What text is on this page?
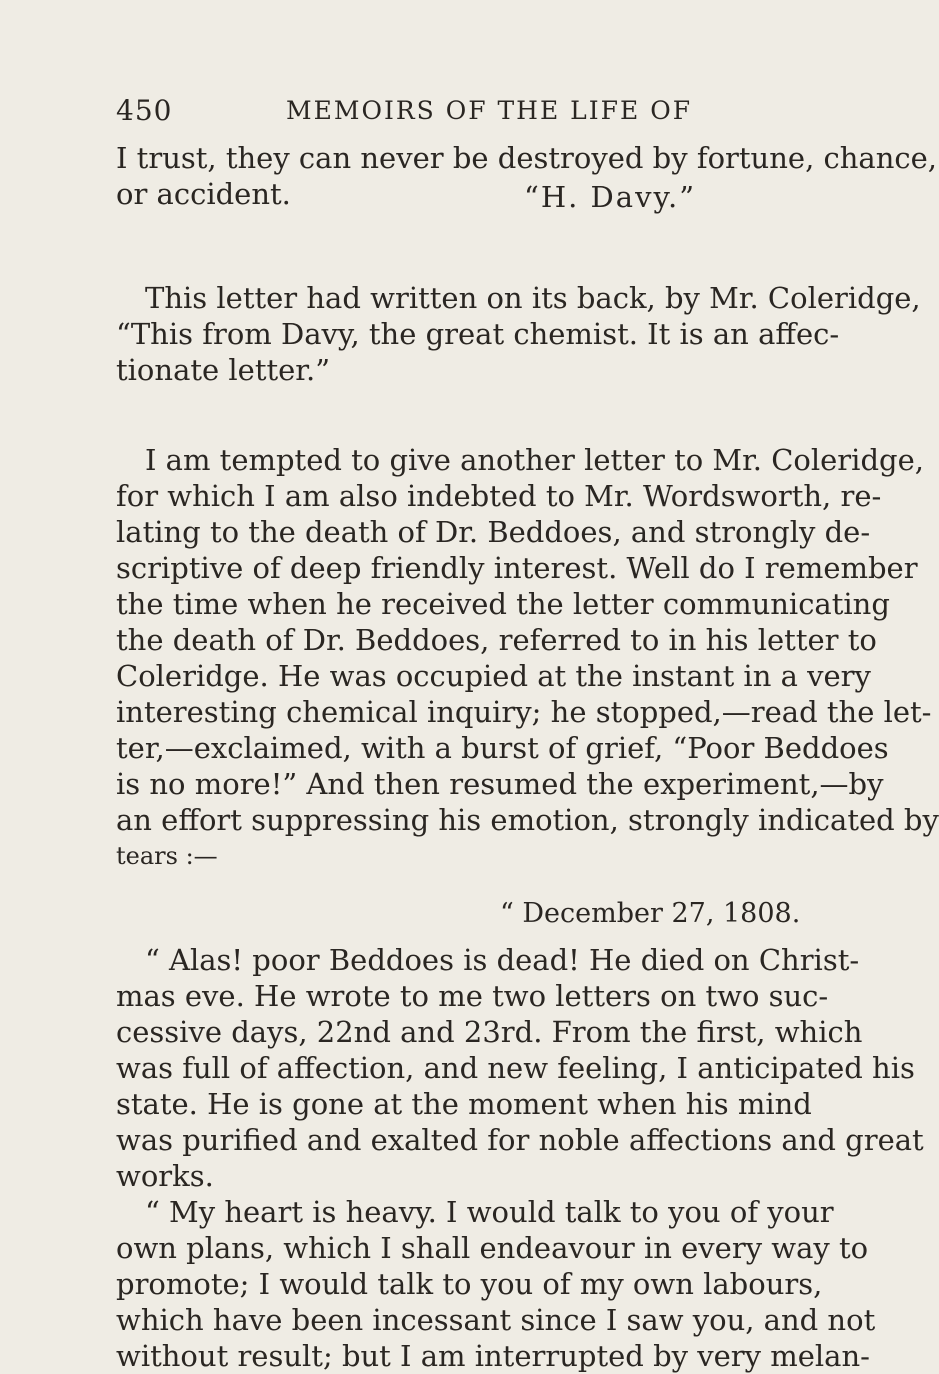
450	MEMOIRS OF THE LIFE OF
I trust, they can never be destroyed by fortune, chance,
or accident.	“H. Davy.”
This letter had written on its back, by Mr. Coleridge,
“This from Davy, the great chemist. It is an affec-
tionate letter.”
I am tempted to give another letter to Mr. Coleridge,
for which I am also indebted to Mr. Wordsworth, re-
lating to the death of Dr. Beddoes, and strongly de-
scriptive of deep friendly interest. Well do I remember
the time when he received the letter communicating
the death of Dr. Beddoes, referred to in his letter to
Coleridge. He was occupied at the instant in a very
interesting chemical inquiry; he stopped,—read the let-
ter,—exclaimed, with a burst of grief, “Poor Beddoes
is no more!” And then resumed the experiment,—by
an effort suppressing his emotion, strongly indicated by
tears :—
“ December 27, 1808.
“ Alas! poor Beddoes is dead! He died on Christ-
mas eve. He wrote to me two letters on two suc-
cessive days, 22nd and 23rd. From the first, which
was full of affection, and new feeling, I anticipated his
state. He is gone at the moment when his mind
was purified and exalted for noble affections and great
works.
“ My heart is heavy. I would talk to you of your
own plans, which I shall endeavour in every way to
promote; I would talk to you of my own labours,
which have been incessant since I saw you, and not
without result; but I am interrupted by very melan-
